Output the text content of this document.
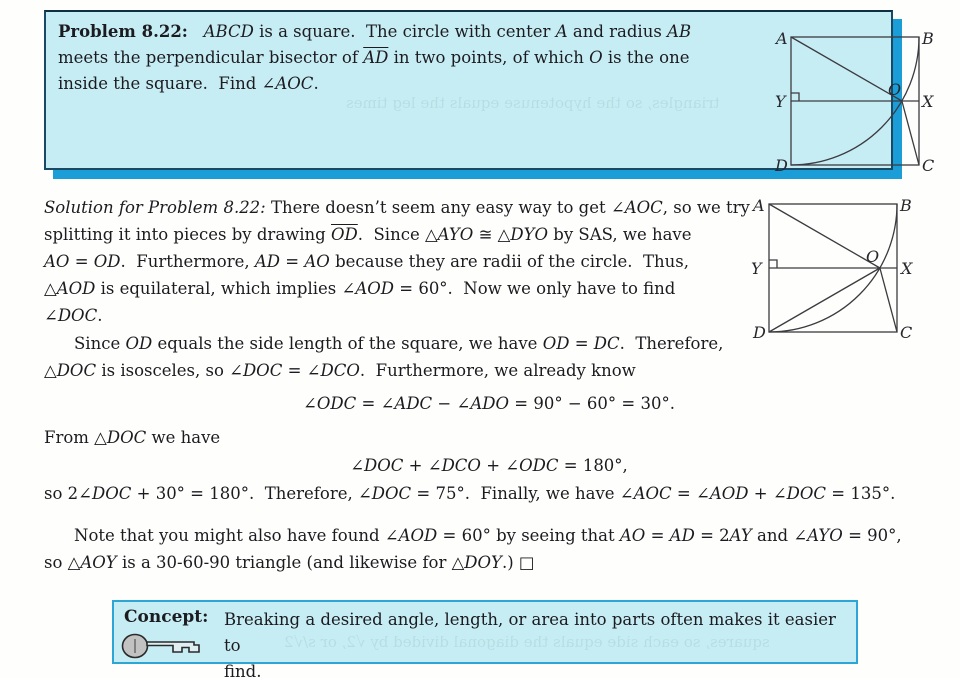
Problem 8.22: ABCD is a square.  The circle with center A and radius AB
meets the perpendicular bisector of $\overline{AD}$ in two points, of which O is the one
inside the square.  Find ∠AOC.
triangles, so the hypotenuse equals the leg times
A	B
Y	X
D	C
O
Solution for Problem 8.22: There doesn’t seem any easy way to get ∠AOC, so we try
splitting it into pieces by drawing $\overline{OD}$.  Since △AYO ≅ △DYO by SAS, we have
AO = OD.  Furthermore, AD = AO because they are radii of the circle.  Thus,
△AOD is equilateral, which implies ∠AOD = 60°.  Now we only have to find
∠DOC.
A	B
Y	X
D	C
O
Since OD equals the side length of the square, we have OD = DC.  Therefore,
△DOC is isosceles, so ∠DOC = ∠DCO.  Furthermore, we already know
∠ODC = ∠ADC − ∠ADO = 90° − 60° = 30°.
From △DOC we have
∠DOC + ∠DCO + ∠ODC = 180°,
so 2∠DOC + 30° = 180°.  Therefore, ∠DOC = 75°.  Finally, we have ∠AOC = ∠AOD + ∠DOC = 135°.
Note that you might also have found ∠AOD = 60° by seeing that AO = AD = 2AY and ∠AYO = 90°,
so △AOY is a 30-60-90 triangle (and likewise for △DOY.) □
Concept: Breaking a desired angle, length, or area into parts often makes it easier to
find.
squares, so each side equals the diagonal divided by √2, or s/√2
